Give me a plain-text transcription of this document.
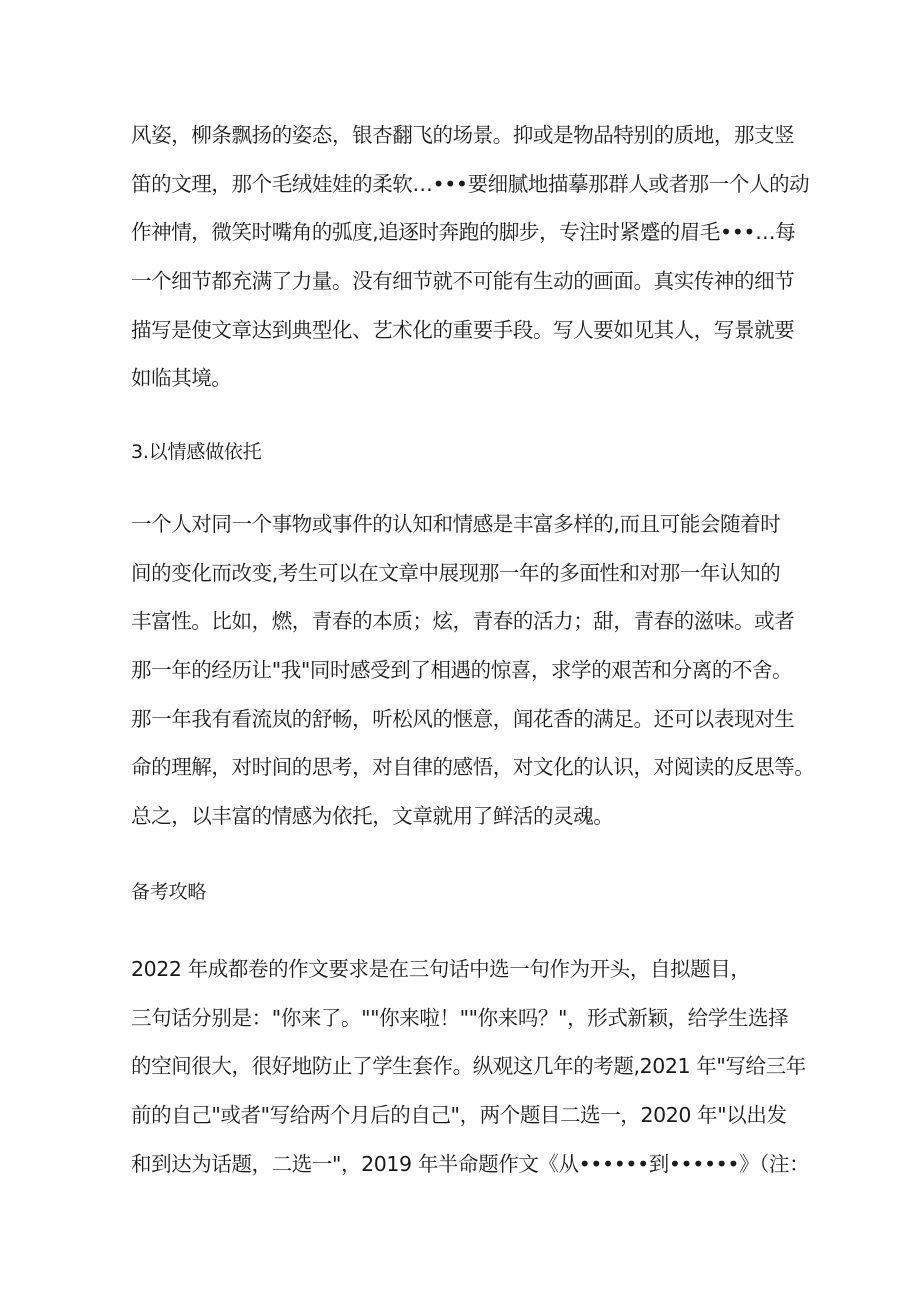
风姿，柳条飘扬的姿态，银杏翻飞的场景。抑或是物品特别的质地，那支竖
笛的文理，那个毛绒娃娃的柔软…•••要细腻地描摹那群人或者那一个人的动
作神情，微笑时嘴角的弧度,追逐时奔跑的脚步，专注时紧蹙的眉毛•••…每
一个细节都充满了力量。没有细节就不可能有生动的画面。真实传神的细节
描写是使文章达到典型化、艺术化的重要手段。写人要如见其人，写景就要
如临其境。
3.以情感做依托
一个人对同一个事物或事件的认知和情感是丰富多样的,而且可能会随着时
间的变化而改变,考生可以在文章中展现那一年的多面性和对那一年认知的
丰富性。比如，燃，青春的本质；炫，青春的活力；甜，青春的滋味。或者
那一年的经历让"我"同时感受到了相遇的惊喜，求学的艰苦和分离的不舍。
那一年我有看流岚的舒畅，听松风的惬意，闻花香的满足。还可以表现对生
命的理解，对时间的思考，对自律的感悟，对文化的认识，对阅读的反思等。
总之，以丰富的情感为依托，文章就用了鲜活的灵魂。
备考攻略
2022 年成都卷的作文要求是在三句话中选一句作为开头，自拟题目，
三句话分别是："你来了。""你来啦！""你来吗？"，形式新颖，给学生选择
的空间很大，很好地防止了学生套作。纵观这几年的考题,2021 年"写给三年
前的自己"或者"写给两个月后的自己"，两个题目二选一，2020 年"以出发
和到达为话题，二选一"，2019 年半命题作文《从••••••到••••••》（注：
